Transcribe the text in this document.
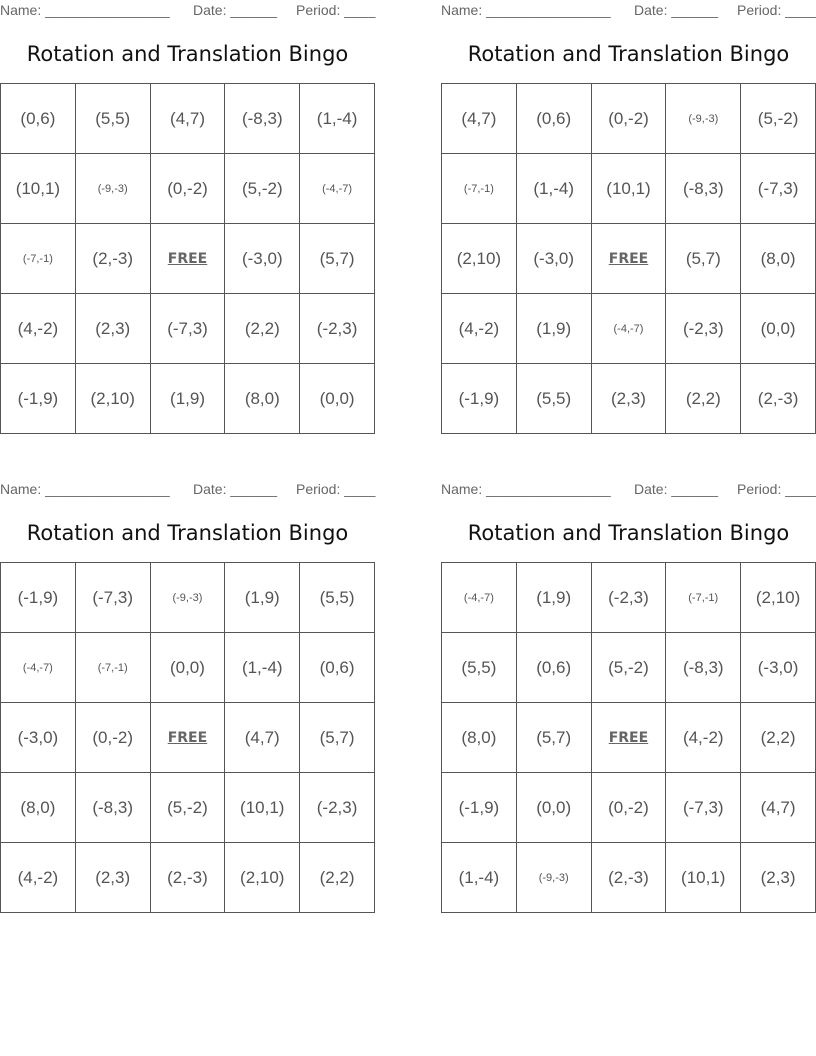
Name: ________________ Date: ______ Period: ____
Rotation and Translation Bingo
(0,6)	(5,5)	(4,7)	(-8,3)	(1,-4)
(10,1)	(-9,-3)	(0,-2)	(5,-2)	(-4,-7)
(-7,-1)	(2,-3)	FREE	(-3,0)	(5,7)
(4,-2)	(2,3)	(-7,3)	(2,2)	(-2,3)
(-1,9)	(2,10)	(1,9)	(8,0)	(0,0)
Name: ________________ Date: ______ Period: ____
Rotation and Translation Bingo
(4,7)	(0,6)	(0,-2)	(-9,-3)	(5,-2)
(-7,-1)	(1,-4)	(10,1)	(-8,3)	(-7,3)
(2,10)	(-3,0)	FREE	(5,7)	(8,0)
(4,-2)	(1,9)	(-4,-7)	(-2,3)	(0,0)
(-1,9)	(5,5)	(2,3)	(2,2)	(2,-3)
Name: ________________ Date: ______ Period: ____
Rotation and Translation Bingo
(-1,9)	(-7,3)	(-9,-3)	(1,9)	(5,5)
(-4,-7)	(-7,-1)	(0,0)	(1,-4)	(0,6)
(-3,0)	(0,-2)	FREE	(4,7)	(5,7)
(8,0)	(-8,3)	(5,-2)	(10,1)	(-2,3)
(4,-2)	(2,3)	(2,-3)	(2,10)	(2,2)
Name: ________________ Date: ______ Period: ____
Rotation and Translation Bingo
(-4,-7)	(1,9)	(-2,3)	(-7,-1)	(2,10)
(5,5)	(0,6)	(5,-2)	(-8,3)	(-3,0)
(8,0)	(5,7)	FREE	(4,-2)	(2,2)
(-1,9)	(0,0)	(0,-2)	(-7,3)	(4,7)
(1,-4)	(-9,-3)	(2,-3)	(10,1)	(2,3)
